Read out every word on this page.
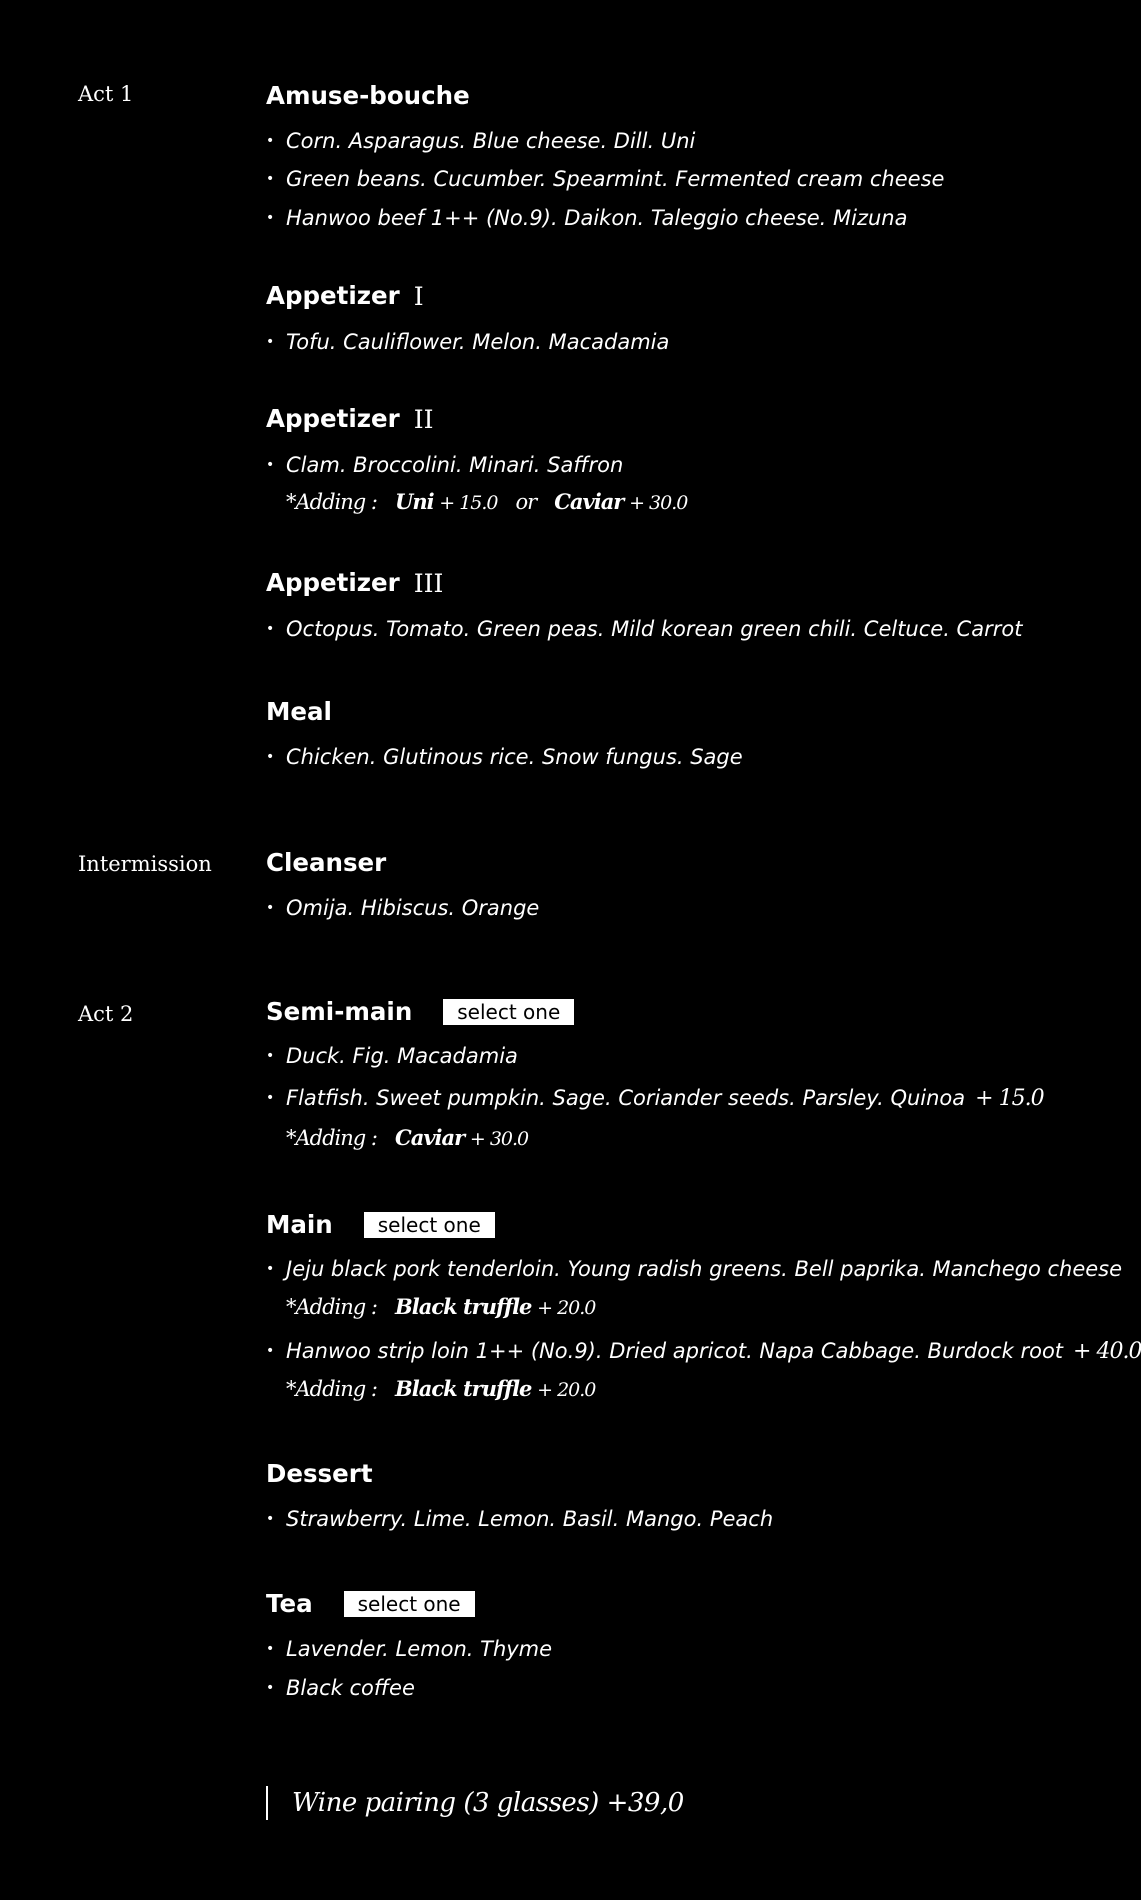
Act 1
Intermission
Act 2
Amuse-bouche
• Corn. Asparagus. Blue cheese. Dill. Uni
• Green beans. Cucumber. Spearmint. Fermented cream cheese
• Hanwoo beef 1++ (No.9). Daikon. Taleggio cheese. Mizuna
Appetizer I
• Tofu. Cauliflower. Melon. Macadamia
Appetizer II
• Clam. Broccolini. Minari. Saffron
*Adding : Uni + 15.0 or Caviar + 30.0
Appetizer III
• Octopus. Tomato. Green peas. Mild korean green chili. Celtuce. Carrot
Meal
• Chicken. Glutinous rice. Snow fungus. Sage
Cleanser
• Omija. Hibiscus. Orange
Semi-main	select one
• Duck. Fig. Macadamia
• Flatfish. Sweet pumpkin. Sage. Coriander seeds. Parsley. Quinoa + 15.0
*Adding : Caviar + 30.0
Main	select one
• Jeju black pork tenderloin. Young radish greens. Bell paprika. Manchego cheese
*Adding : Black truffle + 20.0
• Hanwoo strip loin 1++ (No.9). Dried apricot. Napa Cabbage. Burdock root + 40.0
*Adding : Black truffle + 20.0
Dessert
• Strawberry. Lime. Lemon. Basil. Mango. Peach
Tea	select one
• Lavender. Lemon. Thyme
• Black coffee
Wine pairing (3 glasses) +39,0
